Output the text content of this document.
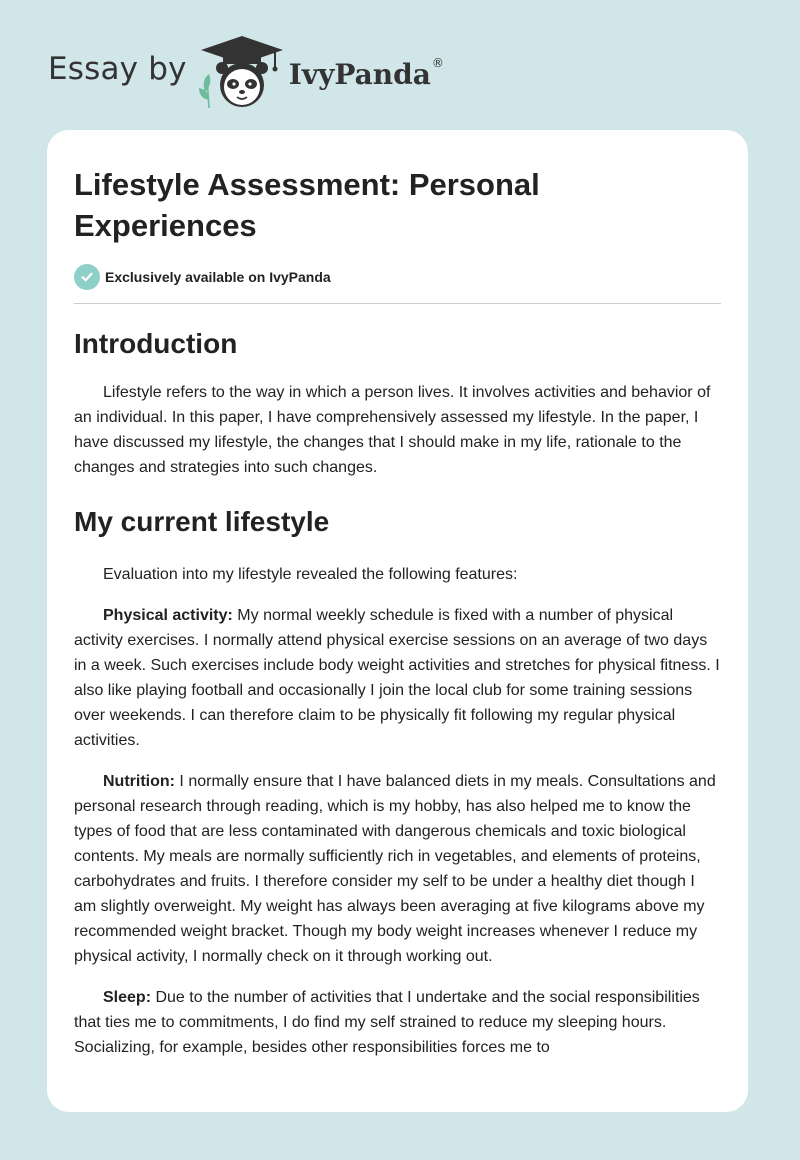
Essay by	IvyPanda ®
Lifestyle Assessment: Personal Experiences
Exclusively available on IvyPanda
Introduction

Lifestyle refers to the way in which a person lives. It involves activities and behavior of an individual. In this paper, I have comprehensively assessed my lifestyle. In the paper, I have discussed my lifestyle, the changes that I should make in my life, rationale to the changes and strategies into such changes.

My current lifestyle

Evaluation into my lifestyle revealed the following features:

Physical activity: My normal weekly schedule is fixed with a number of physical activity exercises. I normally attend physical exercise sessions on an average of two days in a week. Such exercises include body weight activities and stretches for physical fitness. I also like playing football and occasionally I join the local club for some training sessions over weekends. I can therefore claim to be physically fit following my regular physical activities.

Nutrition: I normally ensure that I have balanced diets in my meals. Consultations and personal research through reading, which is my hobby, has also helped me to know the types of food that are less contaminated with dangerous chemicals and toxic biological contents. My meals are normally sufficiently rich in vegetables, and elements of proteins, carbohydrates and fruits. I therefore consider my self to be under a healthy diet though I am slightly overweight. My weight has always been averaging at five kilograms above my recommended weight bracket. Though my body weight increases whenever I reduce my physical activity, I normally check on it through working out.

Sleep: Due to the number of activities that I undertake and the social responsibilities that ties me to commitments, I do find my self strained to reduce my sleeping hours. Socializing, for example, besides other responsibilities forces me to
